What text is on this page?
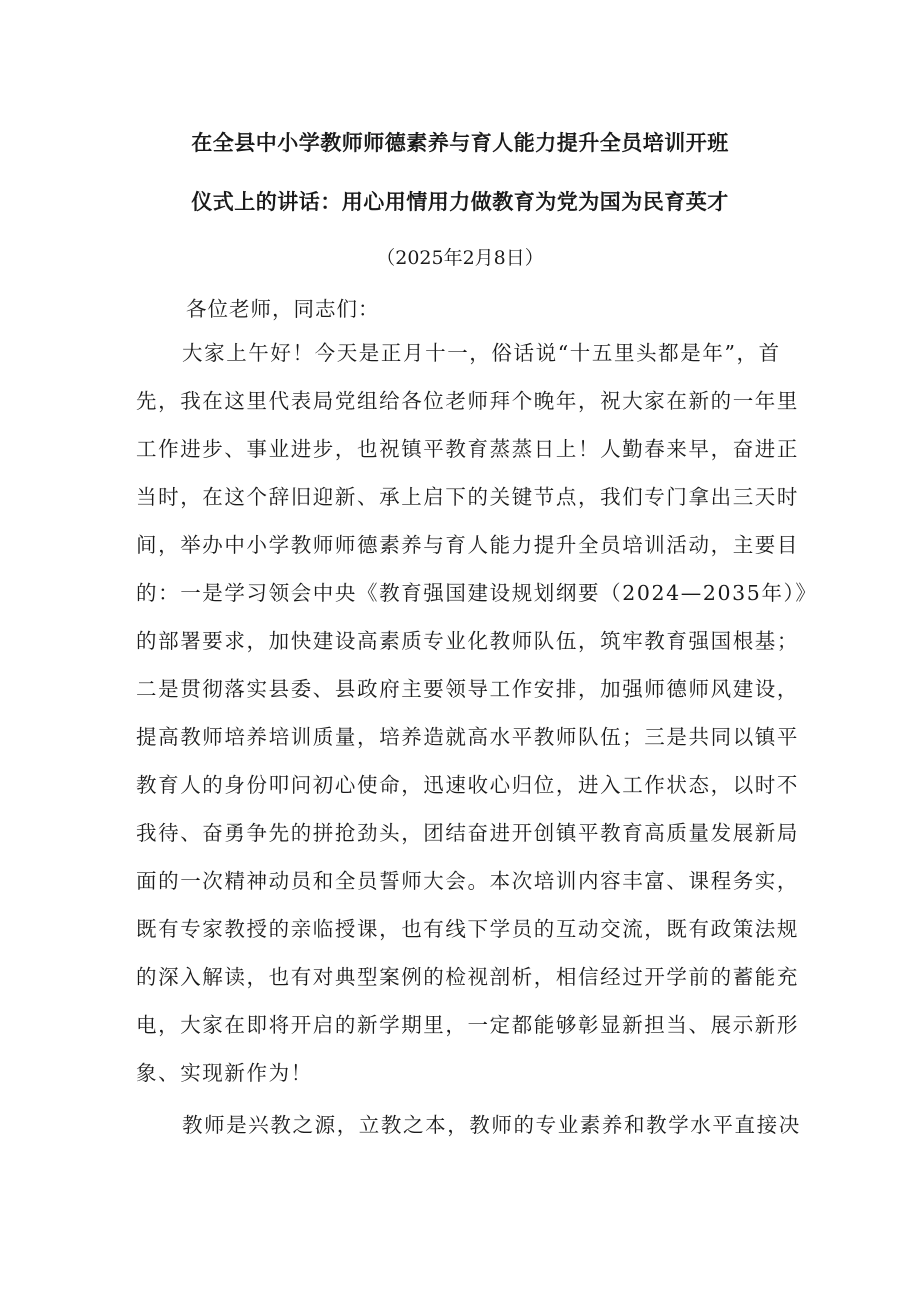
在全县中小学教师师德素养与育人能力提升全员培训开班
仪式上的讲话：用心用情用力做教育为党为国为民育英才
（2025年2月8日）
各位老师，同志们：
大家上午好！今天是正月十一，俗话说“十五里头都是年”，首
先，我在这里代表局党组给各位老师拜个晚年，祝大家在新的一年里
工作进步、事业进步，也祝镇平教育蒸蒸日上！人勤春来早，奋进正
当时，在这个辞旧迎新、承上启下的关键节点，我们专门拿出三天时
间，举办中小学教师师德素养与育人能力提升全员培训活动，主要目
的：一是学习领会中央《教育强国建设规划纲要（2024—2035年）》
的部署要求，加快建设高素质专业化教师队伍，筑牢教育强国根基；
二是贯彻落实县委、县政府主要领导工作安排，加强师德师风建设，
提高教师培养培训质量，培养造就高水平教师队伍；三是共同以镇平
教育人的身份叩问初心使命，迅速收心归位，进入工作状态，以时不
我待、奋勇争先的拼抢劲头，团结奋进开创镇平教育高质量发展新局
面的一次精神动员和全员誓师大会。本次培训内容丰富、课程务实，
既有专家教授的亲临授课，也有线下学员的互动交流，既有政策法规
的深入解读，也有对典型案例的检视剖析，相信经过开学前的蓄能充
电，大家在即将开启的新学期里，一定都能够彰显新担当、展示新形
象、实现新作为！
教师是兴教之源，立教之本，教师的专业素养和教学水平直接决
